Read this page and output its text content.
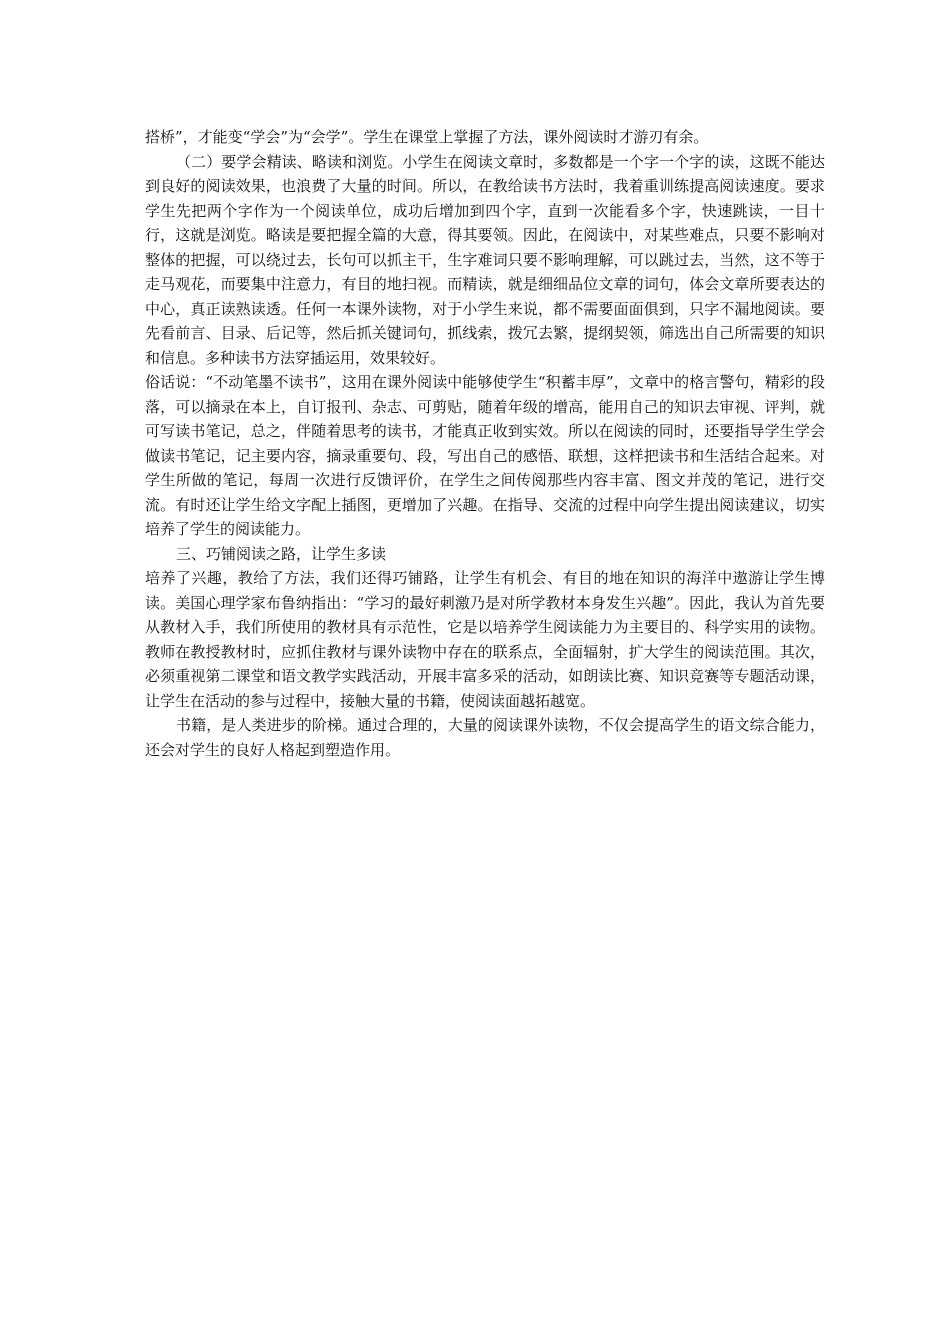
搭桥”，才能变“学会”为“会学”。学生在课堂上掌握了方法，课外阅读时才游刃有余。

（二）要学会精读、略读和浏览。小学生在阅读文章时，多数都是一个字一个字的读，这既不能达到良好的阅读效果，也浪费了大量的时间。所以，在教给读书方法时，我着重训练提高阅读速度。要求学生先把两个字作为一个阅读单位，成功后增加到四个字，直到一次能看多个字，快速跳读，一目十行，这就是浏览。略读是要把握全篇的大意，得其要领。因此，在阅读中，对某些难点，只要不影响对整体的把握，可以绕过去，长句可以抓主干，生字难词只要不影响理解，可以跳过去，当然，这不等于走马观花，而要集中注意力，有目的地扫视。而精读，就是细细品位文章的词句，体会文章所要表达的中心，真正读熟读透。任何一本课外读物，对于小学生来说，都不需要面面俱到，只字不漏地阅读。要先看前言、目录、后记等，然后抓关键词句，抓线索，拨冗去繁，提纲契领，筛选出自己所需要的知识和信息。多种读书方法穿插运用，效果较好。

俗话说：“不动笔墨不读书”，这用在课外阅读中能够使学生“积蓄丰厚”，文章中的格言警句，精彩的段落，可以摘录在本上，自订报刊、杂志、可剪贴，随着年级的增高，能用自己的知识去审视、评判，就可写读书笔记，总之，伴随着思考的读书，才能真正收到实效。所以在阅读的同时，还要指导学生学会做读书笔记，记主要内容，摘录重要句、段，写出自己的感悟、联想，这样把读书和生活结合起来。对学生所做的笔记，每周一次进行反馈评价，在学生之间传阅那些内容丰富、图文并茂的笔记，进行交流。有时还让学生给文字配上插图，更增加了兴趣。在指导、交流的过程中向学生提出阅读建议，切实培养了学生的阅读能力。

三、巧铺阅读之路，让学生多读

培养了兴趣，教给了方法，我们还得巧铺路，让学生有机会、有目的地在知识的海洋中遨游让学生博读。美国心理学家布鲁纳指出：“学习的最好刺激乃是对所学教材本身发生兴趣”。因此，我认为首先要从教材入手，我们所使用的教材具有示范性，它是以培养学生阅读能力为主要目的、科学实用的读物。教师在教授教材时，应抓住教材与课外读物中存在的联系点，全面辐射，扩大学生的阅读范围。其次，必须重视第二课堂和语文教学实践活动，开展丰富多采的活动，如朗读比赛、知识竞赛等专题活动课，让学生在活动的参与过程中，接触大量的书籍，使阅读面越拓越宽。

书籍，是人类进步的阶梯。通过合理的，大量的阅读课外读物，不仅会提高学生的语文综合能力，还会对学生的良好人格起到塑造作用。
